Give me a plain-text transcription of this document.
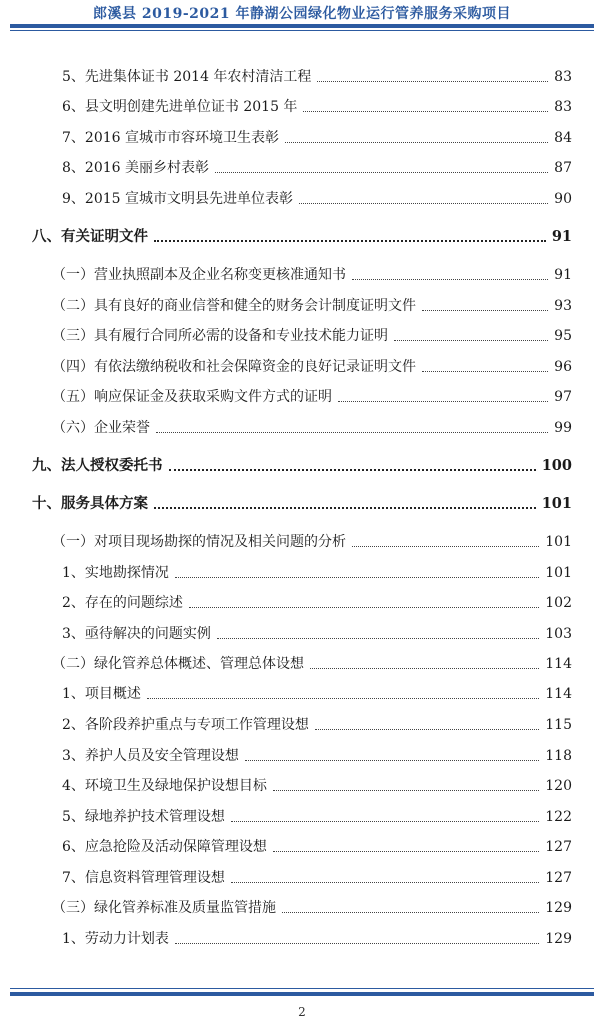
郎溪县 2019-2021 年静湖公园绿化物业运行管养服务采购项目
5、先进集体证书 2014 年农村清洁工程	83
6、县文明创建先进单位证书 2015 年	83
7、2016 宣城市市容环境卫生表彰	84
8、2016 美丽乡村表彰	87
9、2015 宣城市文明县先进单位表彰	90
八、有关证明文件	91
（一）营业执照副本及企业名称变更核准通知书	91
（二）具有良好的商业信誉和健全的财务会计制度证明文件	93
（三）具有履行合同所必需的设备和专业技术能力证明	95
（四）有依法缴纳税收和社会保障资金的良好记录证明文件	96
（五）响应保证金及获取采购文件方式的证明	97
（六）企业荣誉	99
九、法人授权委托书	100
十、服务具体方案	101
（一）对项目现场勘探的情况及相关问题的分析	101
1、实地勘探情况	101
2、存在的问题综述	102
3、亟待解决的问题实例	103
（二）绿化管养总体概述、管理总体设想	114
1、项目概述	114
2、各阶段养护重点与专项工作管理设想	115
3、养护人员及安全管理设想	118
4、环境卫生及绿地保护设想目标	120
5、绿地养护技术管理设想	122
6、应急抢险及活动保障管理设想	127
7、信息资料管理管理设想	127
（三）绿化管养标准及质量监管措施	129
1、劳动力计划表	129
2
